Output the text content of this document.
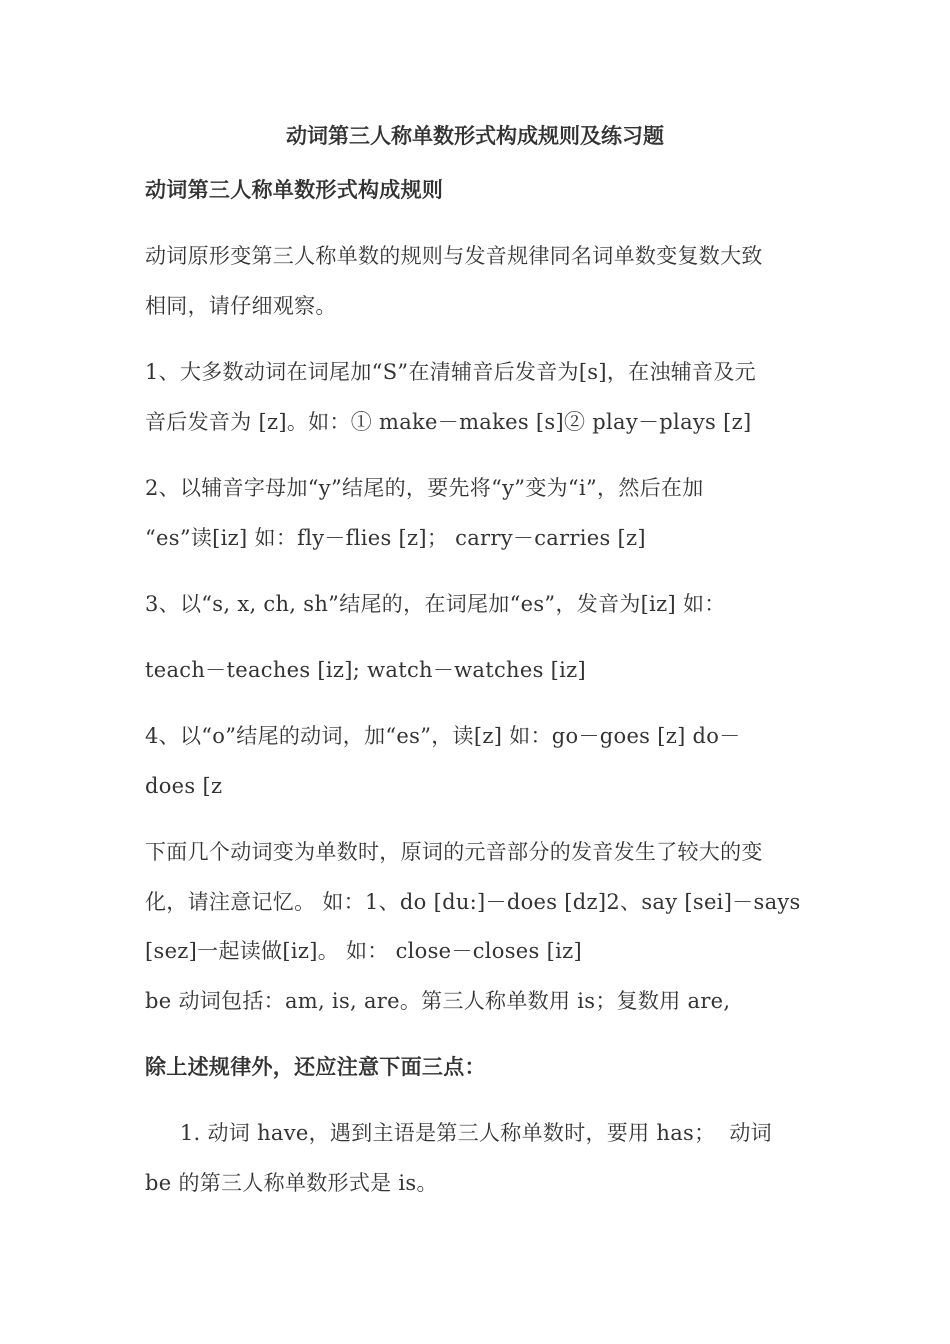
动词第三人称单数形式构成规则及练习题
动词第三人称单数形式构成规则
动词原形变第三人称单数的规则与发音规律同名词单数变复数大致
相同，请仔细观察。
1、大多数动词在词尾加“S”在清辅音后发音为[s]，在浊辅音及元
音后发音为 [z]。如：① make－makes [s]② play－plays [z]
2、以辅音字母加“y”结尾的，要先将“y”变为“i”，然后在加
“es”读[iz] 如：fly－flies [z]； carry－carries [z]
3、以“s, x, ch, sh”结尾的，在词尾加“es”，发音为[iz] 如：
teach－teaches [iz]; watch－watches [iz]
4、以“o”结尾的动词，加“es”，读[z] 如：go－goes [z] do－
does [z
下面几个动词变为单数时，原词的元音部分的发音发生了较大的变
化，请注意记忆。 如：1、do [du:]－does [dz]2、say [sei]－says
[sez]一起读做[iz]。 如： close－closes [iz]
be 动词包括：am, is, are。第三人称单数用 is；复数用 are,
除上述规律外，还应注意下面三点：
1. 动词 have，遇到主语是第三人称单数时，要用 has；  动词
be 的第三人称单数形式是 is。
